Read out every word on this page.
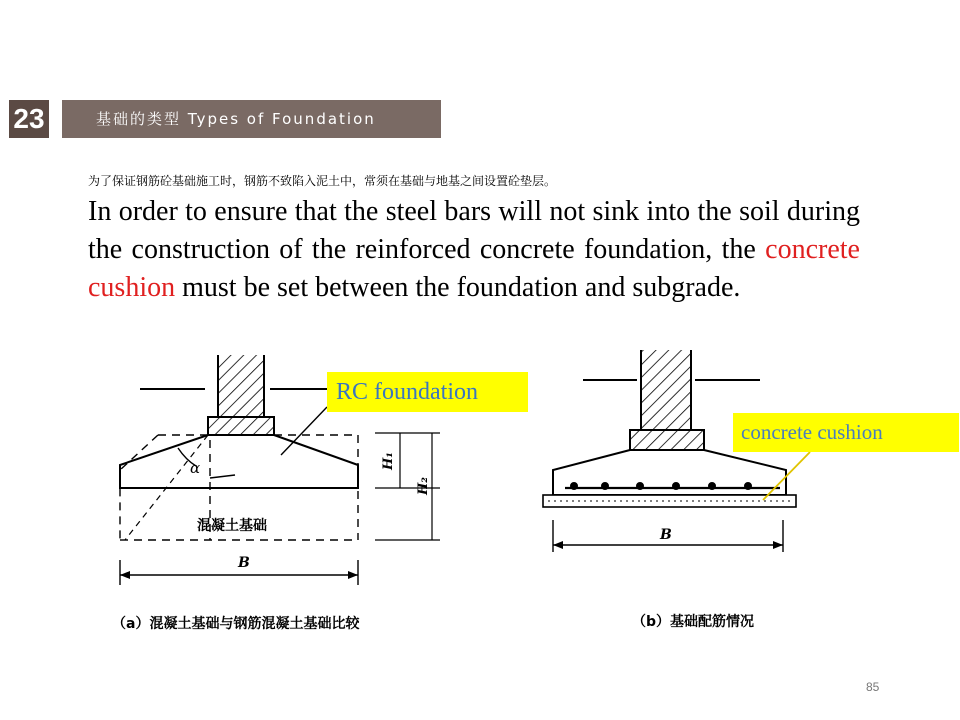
23	基础的类型 Types of Foundation
为了保证钢筋砼基础施工时，钢筋不致陷入泥土中，常须在基础与地基之间设置砼垫层。

In order to ensure that the steel bars will not sink into the soil during the construction of the reinforced concrete foundation, the concrete cushion must be set between the foundation and subgrade.

α	H₁
H₂
混凝土基础
B
B
（a）混凝土基础与钢筋混凝土基础比较	（b）基础配筋情况
RC foundation
concrete cushion
85
